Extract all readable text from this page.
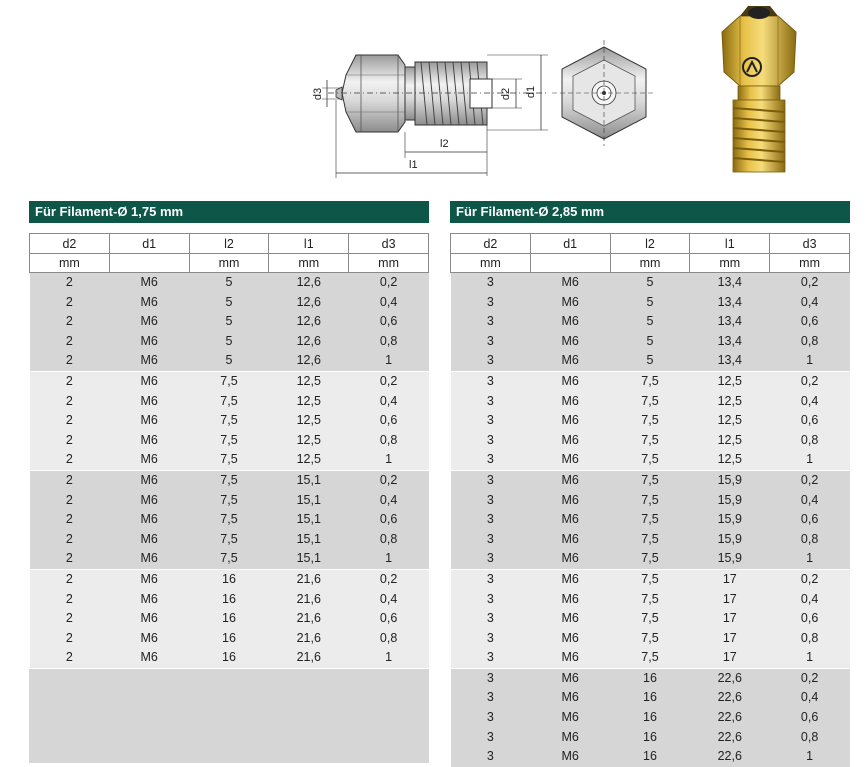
d3	d2 d1
l2
l1
Für Filament-Ø 1,75 mm
d2	d1	l2	l1	d3
mm		mm	mm	mm
2	M6	5	12,6	0,2
2	M6	5	12,6	0,4
2	M6	5	12,6	0,6
2	M6	5	12,6	0,8
2	M6	5	12,6	1
2	M6	7,5	12,5	0,2
2	M6	7,5	12,5	0,4
2	M6	7,5	12,5	0,6
2	M6	7,5	12,5	0,8
2	M6	7,5	12,5	1
2	M6	7,5	15,1	0,2
2	M6	7,5	15,1	0,4
2	M6	7,5	15,1	0,6
2	M6	7,5	15,1	0,8
2	M6	7,5	15,1	1
2	M6	16	21,6	0,2
2	M6	16	21,6	0,4
2	M6	16	21,6	0,6
2	M6	16	21,6	0,8
2	M6	16	21,6	1
Für Filament-Ø 2,85 mm
d2	d1	l2	l1	d3
mm		mm	mm	mm
3	M6	5	13,4	0,2
3	M6	5	13,4	0,4
3	M6	5	13,4	0,6
3	M6	5	13,4	0,8
3	M6	5	13,4	1
3	M6	7,5	12,5	0,2
3	M6	7,5	12,5	0,4
3	M6	7,5	12,5	0,6
3	M6	7,5	12,5	0,8
3	M6	7,5	12,5	1
3	M6	7,5	15,9	0,2
3	M6	7,5	15,9	0,4
3	M6	7,5	15,9	0,6
3	M6	7,5	15,9	0,8
3	M6	7,5	15,9	1
3	M6	7,5	17	0,2
3	M6	7,5	17	0,4
3	M6	7,5	17	0,6
3	M6	7,5	17	0,8
3	M6	7,5	17	1
3	M6	16	22,6	0,2
3	M6	16	22,6	0,4
3	M6	16	22,6	0,6
3	M6	16	22,6	0,8
3	M6	16	22,6	1
